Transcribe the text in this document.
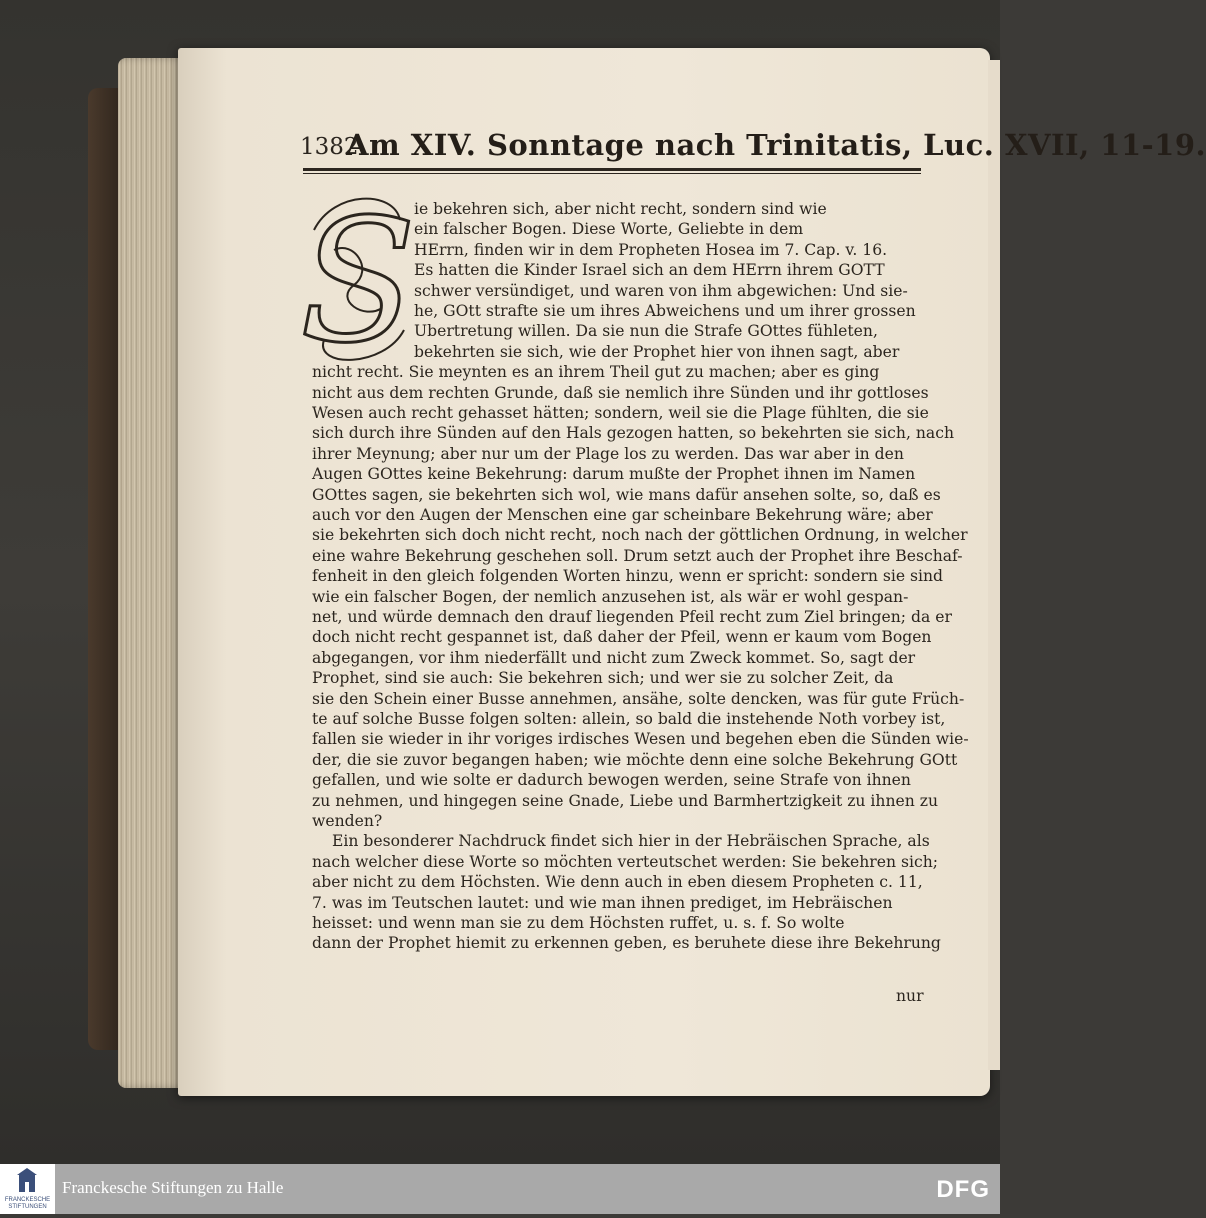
1382
Am XIV. Sonntage nach Trinitatis, Luc. XVII, 11-19.
S
ie bekehren sich, aber nicht recht, sondern sind wie
ein falscher Bogen. Diese Worte, Geliebte in dem
HErrn, finden wir in dem Propheten Hosea im 7. Cap. v. 16.
Es hatten die Kinder Israel sich an dem HErrn ihrem GOTT
schwer versündiget, und waren von ihm abgewichen: Und sie-
he, GOtt strafte sie um ihres Abweichens und um ihrer grossen
Ubertretung willen. Da sie nun die Strafe GOttes fühleten,
bekehrten sie sich, wie der Prophet hier von ihnen sagt, aber
nicht recht. Sie meynten es an ihrem Theil gut zu machen; aber es ging
nicht aus dem rechten Grunde, daß sie nemlich ihre Sünden und ihr gottloses
Wesen auch recht gehasset hätten; sondern, weil sie die Plage fühlten, die sie
sich durch ihre Sünden auf den Hals gezogen hatten, so bekehrten sie sich, nach
ihrer Meynung; aber nur um der Plage los zu werden. Das war aber in den
Augen GOttes keine Bekehrung: darum mußte der Prophet ihnen im Namen
GOttes sagen, sie bekehrten sich wol, wie mans dafür ansehen solte, so, daß es
auch vor den Augen der Menschen eine gar scheinbare Bekehrung wäre; aber
sie bekehrten sich doch nicht recht, noch nach der göttlichen Ordnung, in welcher
eine wahre Bekehrung geschehen soll. Drum setzt auch der Prophet ihre Beschaf-
fenheit in den gleich folgenden Worten hinzu, wenn er spricht: sondern sie sind
wie ein falscher Bogen, der nemlich anzusehen ist, als wär er wohl gespan-
net, und würde demnach den drauf liegenden Pfeil recht zum Ziel bringen; da er
doch nicht recht gespannet ist, daß daher der Pfeil, wenn er kaum vom Bogen
abgegangen, vor ihm niederfällt und nicht zum Zweck kommet. So, sagt der
Prophet, sind sie auch: Sie bekehren sich; und wer sie zu solcher Zeit, da
sie den Schein einer Busse annehmen, ansähe, solte dencken, was für gute Früch-
te auf solche Busse folgen solten: allein, so bald die instehende Noth vorbey ist,
fallen sie wieder in ihr voriges irdisches Wesen und begehen eben die Sünden wie-
der, die sie zuvor begangen haben; wie möchte denn eine solche Bekehrung GOtt
gefallen, und wie solte er dadurch bewogen werden, seine Strafe von ihnen
zu nehmen, und hingegen seine Gnade, Liebe und Barmhertzigkeit zu ihnen zu
wenden?
Ein besonderer Nachdruck findet sich hier in der Hebräischen Sprache, als
nach welcher diese Worte so möchten verteutschet werden: Sie bekehren sich;
aber nicht zu dem Höchsten. Wie denn auch in eben diesem Propheten c. 11,
7. was im Teutschen lautet: und wie man ihnen prediget, im Hebräischen
heisset: und wenn man sie zu dem Höchsten ruffet, u. s. f. So wolte
dann der Prophet hiemit zu erkennen geben, es beruhete diese ihre Bekehrung
nur
FRANCKESCHE
STIFTUNGEN
Franckesche Stiftungen zu Halle	DFG
